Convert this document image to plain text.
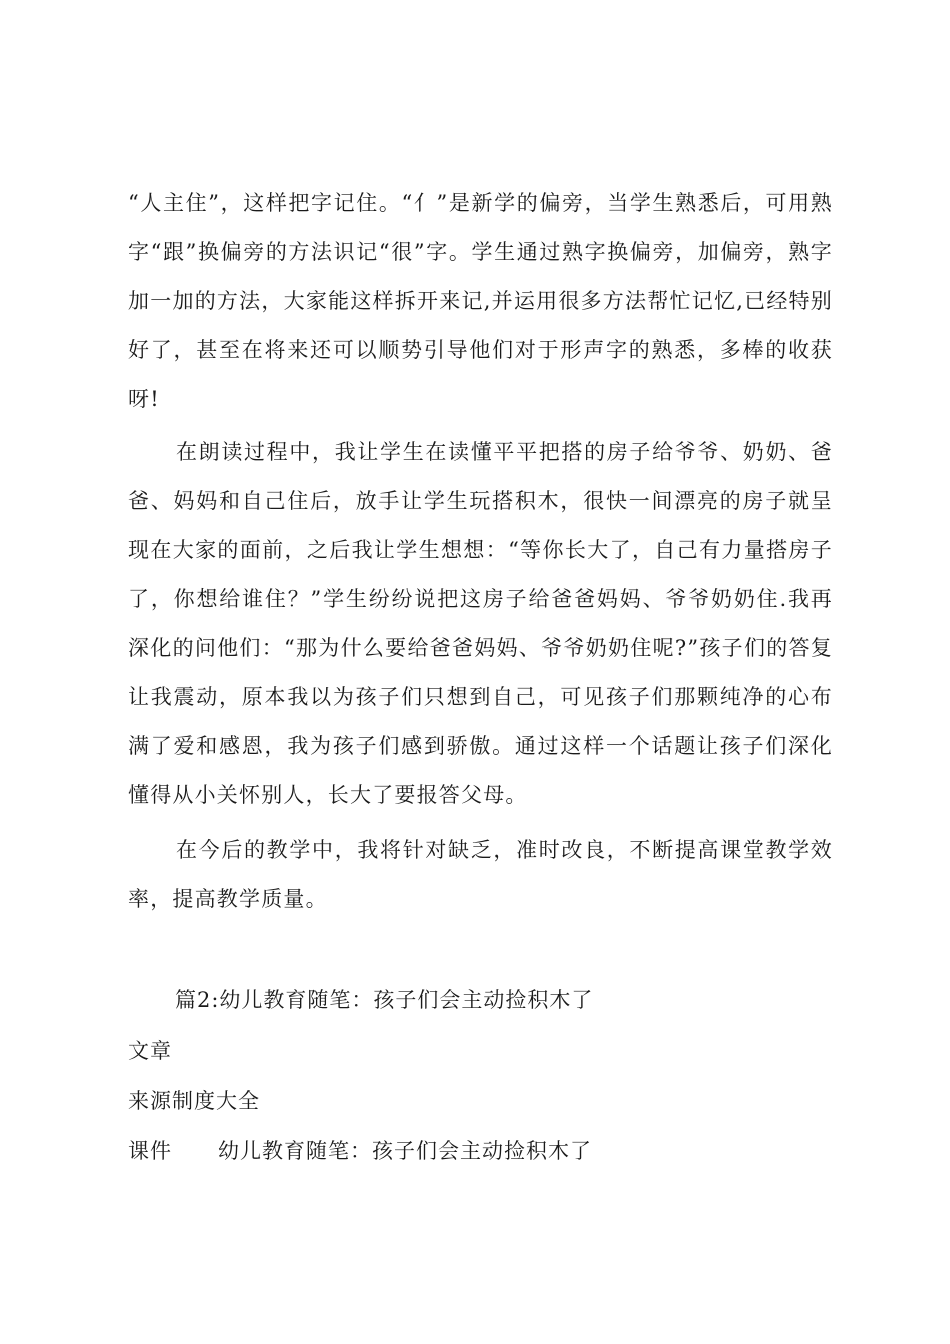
“人主住”，这样把字记住。“亻”是新学的偏旁，当学生熟悉后，可用熟字“跟”换偏旁的方法识记“很”字。学生通过熟字换偏旁，加偏旁，熟字加一加的方法，大家能这样拆开来记,并运用很多方法帮忙记忆,已经特别好了，甚至在将来还可以顺势引导他们对于形声字的熟悉，多棒的收获呀!

在朗读过程中，我让学生在读懂平平把搭的房子给爷爷、奶奶、爸爸、妈妈和自己住后，放手让学生玩搭积木，很快一间漂亮的房子就呈现在大家的面前，之后我让学生想想：“等你长大了，自己有力量搭房子了，你想给谁住？”学生纷纷说把这房子给爸爸妈妈、爷爷奶奶住.我再深化的问他们：“那为什么要给爸爸妈妈、爷爷奶奶住呢?”孩子们的答复让我震动，原本我以为孩子们只想到自己，可见孩子们那颗纯净的心布满了爱和感恩，我为孩子们感到骄傲。通过这样一个话题让孩子们深化懂得从小关怀别人，长大了要报答父母。

在今后的教学中，我将针对缺乏，准时改良，不断提高课堂教学效率，提高教学质量。

篇2:幼儿教育随笔：孩子们会主动捡积木了
文章
来源制度大全
课件 幼儿教育随笔：孩子们会主动捡积木了
